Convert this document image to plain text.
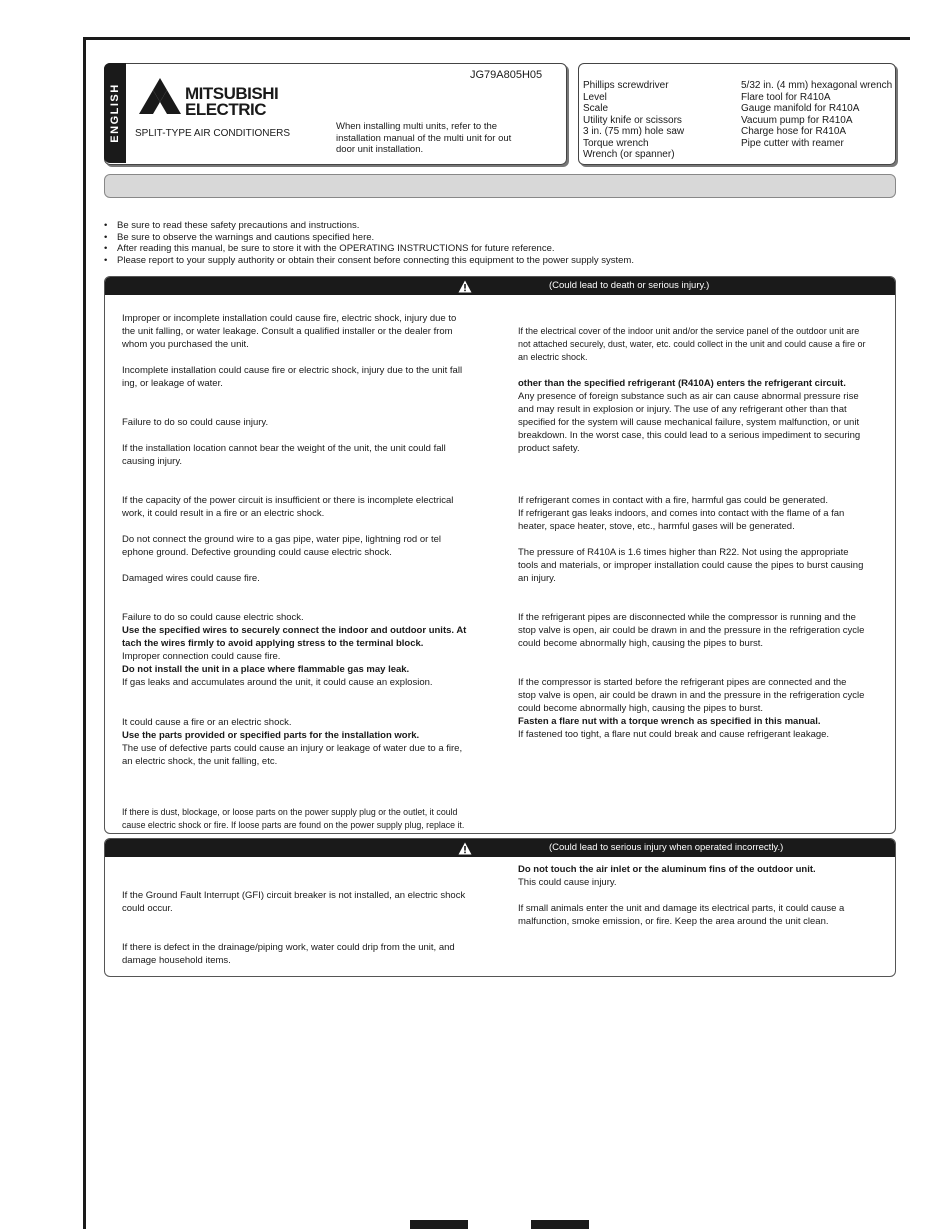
ENGLISH
JG79A805H05
MITSUBISHI
ELECTRIC
SPLIT-TYPE AIR CONDITIONERS
When installing multi units, refer to the
installation manual of the multi unit for out
door unit installation.
Phillips screwdriver
Level
Scale
Utility knife or scissors
3 in. (75 mm) hole saw
Torque wrench
Wrench (or spanner)
5/32 in. (4 mm) hexagonal wrench
Flare tool for R410A
Gauge manifold for R410A
Vacuum pump for R410A
Charge hose for R410A
Pipe cutter with reamer
• Be sure to read these safety precautions and instructions.
• Be sure to observe the warnings and cautions specified here.
• After reading this manual, be sure to store it with the OPERATING INSTRUCTIONS for future reference.
• Please report to your supply authority or obtain their consent before connecting this equipment to the power supply system.
(Could lead to death or serious injury.)
(Could lead to serious injury when operated incorrectly.)
Improper or incomplete installation could cause fire, electric shock, injury due to
the unit falling, or water leakage. Consult a qualified installer or the dealer from
whom you purchased the unit.
Incomplete installation could cause fire or electric shock, injury due to the unit fall
ing, or leakage of water.
Failure to do so could cause injury.
If the installation location cannot bear the weight of the unit, the unit could fall
causing injury.
If the capacity of the power circuit is insufficient or there is incomplete electrical
work, it could result in a fire or an electric shock.
Do not connect the ground wire to a gas pipe, water pipe, lightning rod or tel
ephone ground. Defective grounding could cause electric shock.
Damaged wires could cause fire.
Failure to do so could cause electric shock.
Use the specified wires to securely connect the indoor and outdoor units. At
tach the wires firmly to avoid applying stress to the terminal block.
Improper connection could cause fire.
Do not install the unit in a place where flammable gas may leak.
If gas leaks and accumulates around the unit, it could cause an explosion.
It could cause a fire or an electric shock.
Use the parts provided or specified parts for the installation work.
The use of defective parts could cause an injury or leakage of water due to a fire,
an electric shock, the unit falling, etc.
If there is dust, blockage, or loose parts on the power supply plug or the outlet, it could
cause electric shock or fire. If loose parts are found on the power supply plug, replace it.
If the electrical cover of the indoor unit and/or the service panel of the outdoor unit are
not attached securely, dust, water, etc. could collect in the unit and could cause a fire or
an electric shock.
other than the specified refrigerant (R410A) enters the refrigerant circuit.
Any presence of foreign substance such as air can cause abnormal pressure rise
and may result in explosion or injury. The use of any refrigerant other than that
specified for the system will cause mechanical failure, system malfunction, or unit
breakdown. In the worst case, this could lead to a serious impediment to securing
product safety.
If refrigerant comes in contact with a fire, harmful gas could be generated.
If refrigerant gas leaks indoors, and comes into contact with the flame of a fan
heater, space heater, stove, etc., harmful gases will be generated.
The pressure of R410A is 1.6 times higher than R22. Not using the appropriate
tools and materials, or improper installation could cause the pipes to burst causing
an injury.
If the refrigerant pipes are disconnected while the compressor is running and the
stop valve is open, air could be drawn in and the pressure in the refrigeration cycle
could become abnormally high, causing the pipes to burst.
If the compressor is started before the refrigerant pipes are connected and the
stop valve is open, air could be drawn in and the pressure in the refrigeration cycle
could become abnormally high, causing the pipes to burst.
Fasten a flare nut with a torque wrench as specified in this manual.
If fastened too tight, a flare nut could break and cause refrigerant leakage.
If the Ground Fault Interrupt (GFI) circuit breaker is not installed, an electric shock
could occur.
If there is defect in the drainage/piping work, water could drip from the unit, and
damage household items.
Do not touch the air inlet or the aluminum fins of the outdoor unit.
This could cause injury.
If small animals enter the unit and damage its electrical parts, it could cause a
malfunction, smoke emission, or fire. Keep the area around the unit clean.
